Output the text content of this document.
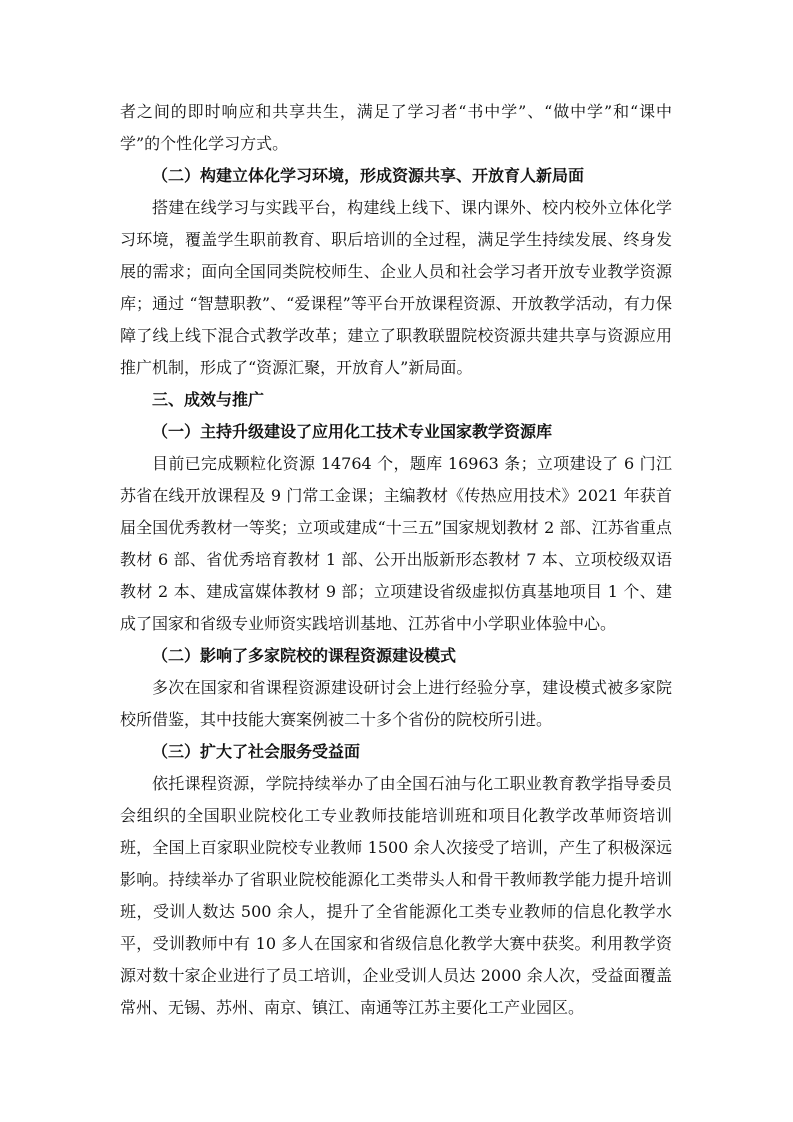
者之间的即时响应和共享共生，满足了学习者“书中学”、“做中学”和“课中学”的个性化学习方式。

（二）构建立体化学习环境，形成资源共享、开放育人新局面

搭建在线学习与实践平台，构建线上线下、课内课外、校内校外立体化学习环境，覆盖学生职前教育、职后培训的全过程，满足学生持续发展、终身发展的需求；面向全国同类院校师生、企业人员和社会学习者开放专业教学资源库；通过 “智慧职教”、“爱课程”等平台开放课程资源、开放教学活动，有力保障了线上线下混合式教学改革；建立了职教联盟院校资源共建共享与资源应用推广机制，形成了“资源汇聚，开放育人”新局面。

三、成效与推广

（一）主持升级建设了应用化工技术专业国家教学资源库

目前已完成颗粒化资源 14764 个，题库 16963 条；立项建设了 6 门江苏省在线开放课程及 9 门常工金课；主编教材《传热应用技术》2021 年获首届全国优秀教材一等奖；立项或建成“十三五”国家规划教材 2 部、江苏省重点教材 6 部、省优秀培育教材 1 部、公开出版新形态教材 7 本、立项校级双语教材 2 本、建成富媒体教材 9 部；立项建设省级虚拟仿真基地项目 1 个、建成了国家和省级专业师资实践培训基地、江苏省中小学职业体验中心。

（二）影响了多家院校的课程资源建设模式

多次在国家和省课程资源建设研讨会上进行经验分享，建设模式被多家院校所借鉴，其中技能大赛案例被二十多个省份的院校所引进。

（三）扩大了社会服务受益面

依托课程资源，学院持续举办了由全国石油与化工职业教育教学指导委员会组织的全国职业院校化工专业教师技能培训班和项目化教学改革师资培训班，全国上百家职业院校专业教师 1500 余人次接受了培训，产生了积极深远影响。持续举办了省职业院校能源化工类带头人和骨干教师教学能力提升培训班，受训人数达 500 余人，提升了全省能源化工类专业教师的信息化教学水平，受训教师中有 10 多人在国家和省级信息化教学大赛中获奖。利用教学资源对数十家企业进行了员工培训，企业受训人员达 2000 余人次，受益面覆盖常州、无锡、苏州、南京、镇江、南通等江苏主要化工产业园区。
